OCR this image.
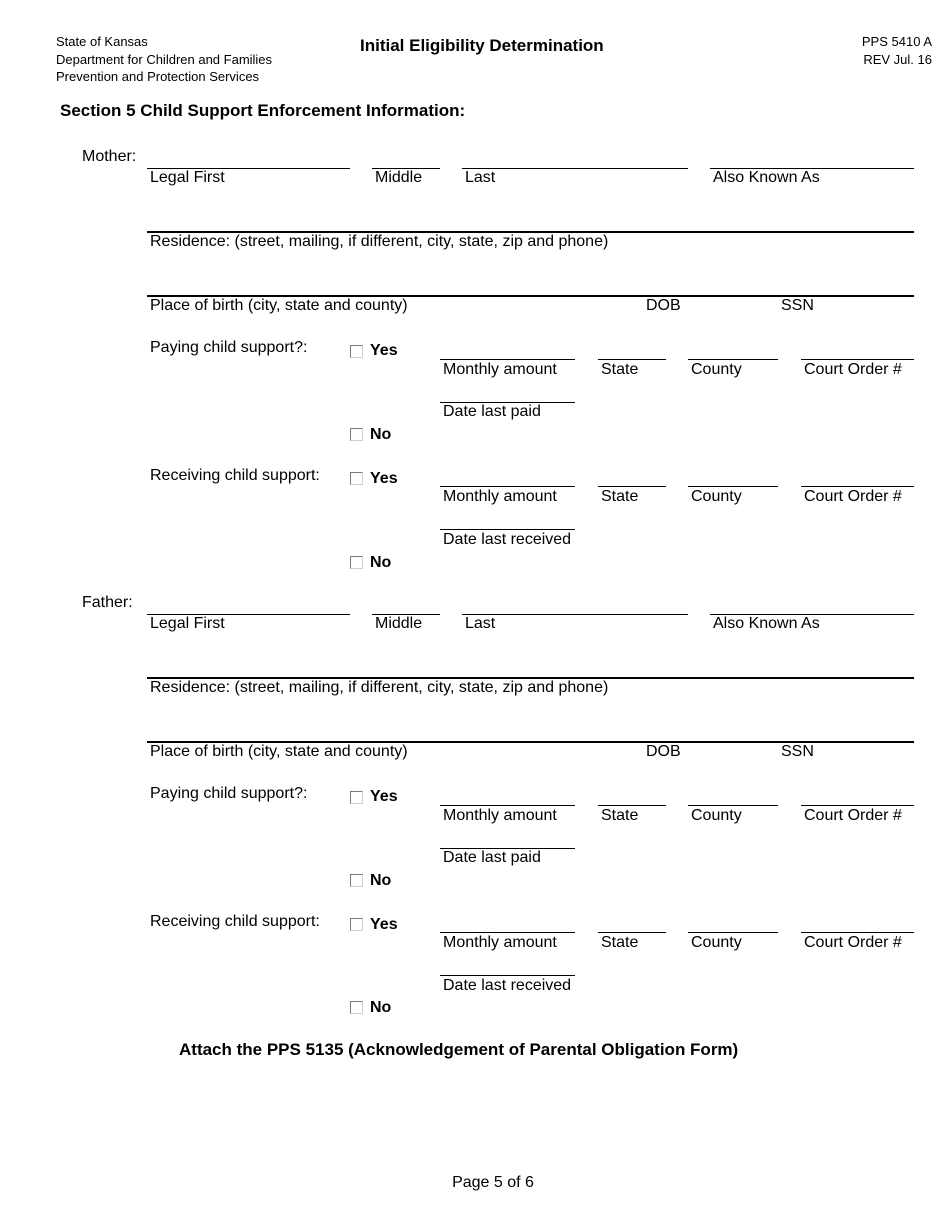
State of Kansas
Department for Children and Families
Prevention and Protection Services
Initial Eligibility Determination	PPS 5410 A
REV Jul. 16
Section 5 Child Support Enforcement Information:
Mother:
Legal First	Middle	Last	Also Known As
Residence: (street, mailing, if different, city, state, zip and phone)
Place of birth (city, state and county)	DOB	SSN
Paying child support?:	Yes
Monthly amount	State	County	Court Order #
Date last paid
No
Receiving child support:	Yes
Monthly amount	State	County	Court Order #
Date last received
No
Father:
Legal First	Middle	Last	Also Known As
Residence: (street, mailing, if different, city, state, zip and phone)
Place of birth (city, state and county)	DOB	SSN
Paying child support?:	Yes
Monthly amount	State	County	Court Order #
Date last paid
No
Receiving child support:	Yes
Monthly amount	State	County	Court Order #
Date last received
No
Attach the PPS 5135 (Acknowledgement of Parental Obligation Form)
Page 5 of 6
